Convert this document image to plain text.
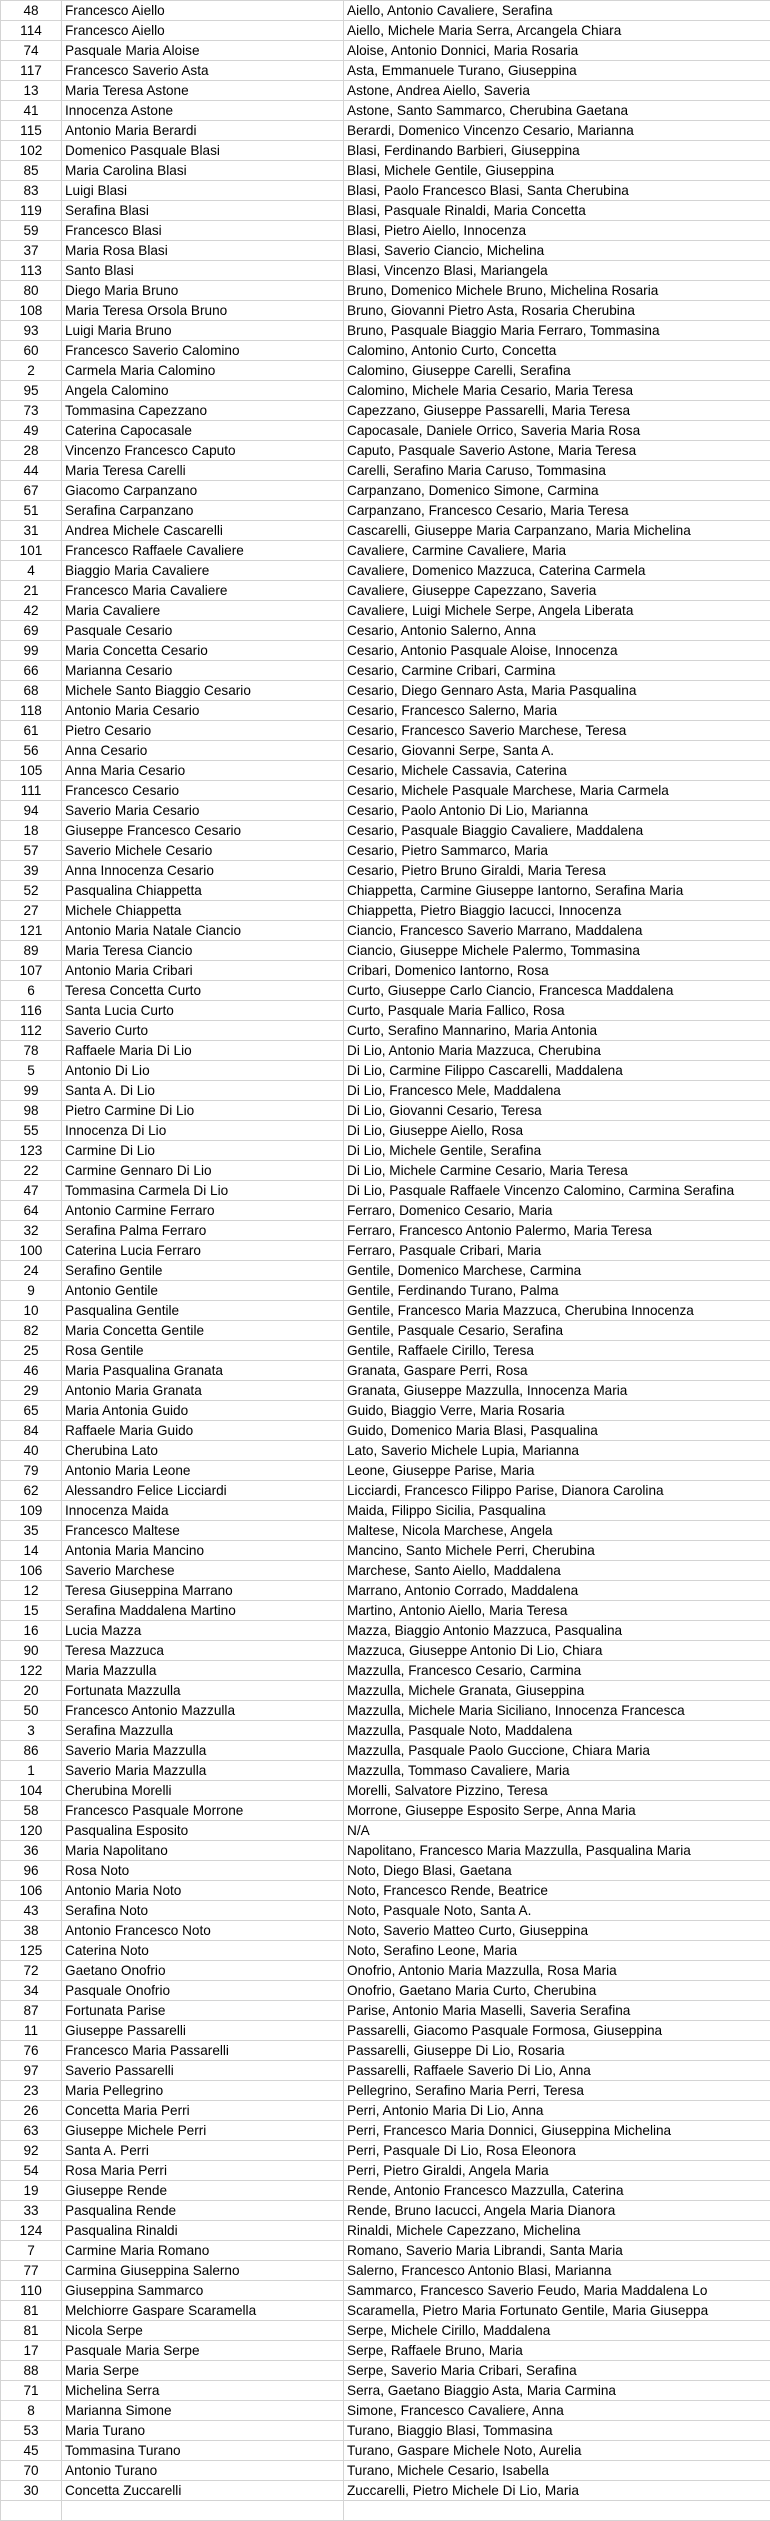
48	Francesco Aiello	Aiello, Antonio Cavaliere, Serafina
114	Francesco Aiello	Aiello, Michele Maria Serra, Arcangela Chiara
74	Pasquale Maria Aloise	Aloise, Antonio Donnici, Maria Rosaria
117	Francesco Saverio Asta	Asta, Emmanuele Turano, Giuseppina
13	Maria Teresa Astone	Astone, Andrea Aiello, Saveria
41	Innocenza Astone	Astone, Santo Sammarco, Cherubina Gaetana
115	Antonio Maria Berardi	Berardi, Domenico Vincenzo Cesario, Marianna
102	Domenico Pasquale Blasi	Blasi, Ferdinando Barbieri, Giuseppina
85	Maria Carolina Blasi	Blasi, Michele Gentile, Giuseppina
83	Luigi Blasi	Blasi, Paolo Francesco Blasi, Santa Cherubina
119	Serafina Blasi	Blasi, Pasquale Rinaldi, Maria Concetta
59	Francesco Blasi	Blasi, Pietro Aiello, Innocenza
37	Maria Rosa Blasi	Blasi, Saverio Ciancio, Michelina
113	Santo Blasi	Blasi, Vincenzo Blasi, Mariangela
80	Diego Maria Bruno	Bruno, Domenico Michele Bruno, Michelina Rosaria
108	Maria Teresa Orsola Bruno	Bruno, Giovanni Pietro Asta, Rosaria Cherubina
93	Luigi Maria Bruno	Bruno, Pasquale Biaggio Maria Ferraro, Tommasina
60	Francesco Saverio Calomino	Calomino, Antonio Curto, Concetta
2	Carmela Maria Calomino	Calomino, Giuseppe Carelli, Serafina
95	Angela Calomino	Calomino, Michele Maria Cesario, Maria Teresa
73	Tommasina Capezzano	Capezzano, Giuseppe Passarelli, Maria Teresa
49	Caterina Capocasale	Capocasale, Daniele Orrico, Saveria Maria Rosa
28	Vincenzo Francesco Caputo	Caputo, Pasquale Saverio Astone, Maria Teresa
44	Maria Teresa Carelli	Carelli, Serafino Maria Caruso, Tommasina
67	Giacomo Carpanzano	Carpanzano, Domenico Simone, Carmina
51	Serafina Carpanzano	Carpanzano, Francesco Cesario, Maria Teresa
31	Andrea Michele Cascarelli	Cascarelli, Giuseppe Maria Carpanzano, Maria Michelina
101	Francesco Raffaele Cavaliere	Cavaliere, Carmine Cavaliere, Maria
4	Biaggio Maria Cavaliere	Cavaliere, Domenico Mazzuca, Caterina Carmela
21	Francesco Maria Cavaliere	Cavaliere, Giuseppe Capezzano, Saveria
42	Maria Cavaliere	Cavaliere, Luigi Michele Serpe, Angela Liberata
69	Pasquale Cesario	Cesario, Antonio Salerno, Anna
99	Maria Concetta Cesario	Cesario, Antonio Pasquale Aloise, Innocenza
66	Marianna Cesario	Cesario, Carmine Cribari, Carmina
68	Michele Santo Biaggio Cesario	Cesario, Diego Gennaro Asta, Maria Pasqualina
118	Antonio Maria Cesario	Cesario, Francesco Salerno, Maria
61	Pietro Cesario	Cesario, Francesco Saverio Marchese, Teresa
56	Anna Cesario	Cesario, Giovanni Serpe, Santa A.
105	Anna Maria Cesario	Cesario, Michele Cassavia, Caterina
111	Francesco Cesario	Cesario, Michele Pasquale Marchese, Maria Carmela
94	Saverio Maria Cesario	Cesario, Paolo Antonio Di Lio, Marianna
18	Giuseppe Francesco Cesario	Cesario, Pasquale Biaggio Cavaliere, Maddalena
57	Saverio Michele Cesario	Cesario, Pietro Sammarco, Maria
39	Anna Innocenza Cesario	Cesario, Pietro Bruno Giraldi, Maria Teresa
52	Pasqualina Chiappetta	Chiappetta, Carmine Giuseppe Iantorno, Serafina Maria
27	Michele Chiappetta	Chiappetta, Pietro Biaggio Iacucci, Innocenza
121	Antonio Maria Natale Ciancio	Ciancio, Francesco Saverio Marrano, Maddalena
89	Maria Teresa Ciancio	Ciancio, Giuseppe Michele Palermo, Tommasina
107	Antonio Maria Cribari	Cribari, Domenico Iantorno, Rosa
6	Teresa Concetta Curto	Curto, Giuseppe Carlo Ciancio, Francesca Maddalena
116	Santa Lucia Curto	Curto, Pasquale Maria Fallico, Rosa
112	Saverio Curto	Curto, Serafino Mannarino, Maria Antonia
78	Raffaele Maria Di Lio	Di Lio, Antonio Maria Mazzuca, Cherubina
5	Antonio Di Lio	Di Lio, Carmine Filippo Cascarelli, Maddalena
99	Santa A. Di Lio	Di Lio, Francesco Mele, Maddalena
98	Pietro Carmine Di Lio	Di Lio, Giovanni Cesario, Teresa
55	Innocenza Di Lio	Di Lio, Giuseppe Aiello, Rosa
123	Carmine Di Lio	Di Lio, Michele Gentile, Serafina
22	Carmine Gennaro Di Lio	Di Lio, Michele Carmine Cesario, Maria Teresa
47	Tommasina Carmela Di Lio	Di Lio, Pasquale Raffaele Vincenzo Calomino, Carmina Serafina
64	Antonio Carmine Ferraro	Ferraro, Domenico Cesario, Maria
32	Serafina Palma Ferraro	Ferraro, Francesco Antonio Palermo, Maria Teresa
100	Caterina Lucia Ferraro	Ferraro, Pasquale Cribari, Maria
24	Serafino Gentile	Gentile, Domenico Marchese, Carmina
9	Antonio Gentile	Gentile, Ferdinando Turano, Palma
10	Pasqualina Gentile	Gentile, Francesco Maria Mazzuca, Cherubina Innocenza
82	Maria Concetta Gentile	Gentile, Pasquale Cesario, Serafina
25	Rosa Gentile	Gentile, Raffaele Cirillo, Teresa
46	Maria Pasqualina Granata	Granata, Gaspare Perri, Rosa
29	Antonio Maria Granata	Granata, Giuseppe Mazzulla, Innocenza Maria
65	Maria Antonia Guido	Guido, Biaggio Verre, Maria Rosaria
84	Raffaele Maria Guido	Guido, Domenico Maria Blasi, Pasqualina
40	Cherubina Lato	Lato, Saverio Michele Lupia, Marianna
79	Antonio Maria Leone	Leone, Giuseppe Parise, Maria
62	Alessandro Felice Licciardi	Licciardi, Francesco Filippo Parise, Dianora Carolina
109	Innocenza Maida	Maida, Filippo Sicilia, Pasqualina
35	Francesco Maltese	Maltese, Nicola Marchese, Angela
14	Antonia Maria Mancino	Mancino, Santo Michele Perri, Cherubina
106	Saverio Marchese	Marchese, Santo Aiello, Maddalena
12	Teresa Giuseppina Marrano	Marrano, Antonio Corrado, Maddalena
15	Serafina Maddalena Martino	Martino, Antonio Aiello, Maria Teresa
16	Lucia Mazza	Mazza, Biaggio Antonio Mazzuca, Pasqualina
90	Teresa Mazzuca	Mazzuca, Giuseppe Antonio Di Lio, Chiara
122	Maria Mazzulla	Mazzulla, Francesco Cesario, Carmina
20	Fortunata Mazzulla	Mazzulla, Michele Granata, Giuseppina
50	Francesco Antonio Mazzulla	Mazzulla, Michele Maria Siciliano, Innocenza Francesca
3	Serafina Mazzulla	Mazzulla, Pasquale Noto, Maddalena
86	Saverio Maria Mazzulla	Mazzulla, Pasquale Paolo Guccione, Chiara Maria
1	Saverio Maria Mazzulla	Mazzulla, Tommaso Cavaliere, Maria
104	Cherubina Morelli	Morelli, Salvatore Pizzino, Teresa
58	Francesco Pasquale Morrone	Morrone, Giuseppe Esposito Serpe, Anna Maria
120	Pasqualina Esposito	N/A
36	Maria Napolitano	Napolitano, Francesco Maria Mazzulla, Pasqualina Maria
96	Rosa Noto	Noto, Diego Blasi, Gaetana
106	Antonio Maria Noto	Noto, Francesco Rende, Beatrice
43	Serafina Noto	Noto, Pasquale Noto, Santa A.
38	Antonio Francesco Noto	Noto, Saverio Matteo Curto, Giuseppina
125	Caterina Noto	Noto, Serafino Leone, Maria
72	Gaetano Onofrio	Onofrio, Antonio Maria Mazzulla, Rosa Maria
34	Pasquale Onofrio	Onofrio, Gaetano Maria Curto, Cherubina
87	Fortunata Parise	Parise, Antonio Maria Maselli, Saveria Serafina
11	Giuseppe Passarelli	Passarelli, Giacomo Pasquale Formosa, Giuseppina
76	Francesco Maria Passarelli	Passarelli, Giuseppe Di Lio, Rosaria
97	Saverio Passarelli	Passarelli, Raffaele Saverio Di Lio, Anna
23	Maria Pellegrino	Pellegrino, Serafino Maria Perri, Teresa
26	Concetta Maria Perri	Perri, Antonio Maria Di Lio, Anna
63	Giuseppe Michele Perri	Perri, Francesco Maria Donnici, Giuseppina Michelina
92	Santa A. Perri	Perri, Pasquale Di Lio, Rosa Eleonora
54	Rosa Maria Perri	Perri, Pietro Giraldi, Angela Maria
19	Giuseppe Rende	Rende, Antonio Francesco Mazzulla, Caterina
33	Pasqualina Rende	Rende, Bruno Iacucci, Angela Maria Dianora
124	Pasqualina Rinaldi	Rinaldi, Michele Capezzano, Michelina
7	Carmine Maria Romano	Romano, Saverio Maria Librandi, Santa Maria
77	Carmina Giuseppina Salerno	Salerno, Francesco Antonio Blasi, Marianna
110	Giuseppina Sammarco	Sammarco, Francesco Saverio Feudo, Maria Maddalena Lo
81	Melchiorre Gaspare Scaramella	Scaramella, Pietro Maria Fortunato Gentile, Maria Giuseppa
81	Nicola Serpe	Serpe, Michele Cirillo, Maddalena
17	Pasquale Maria Serpe	Serpe, Raffaele Bruno, Maria
88	Maria Serpe	Serpe, Saverio Maria Cribari, Serafina
71	Michelina Serra	Serra, Gaetano Biaggio Asta, Maria Carmina
8	Marianna Simone	Simone, Francesco Cavaliere, Anna
53	Maria Turano	Turano, Biaggio Blasi, Tommasina
45	Tommasina Turano	Turano, Gaspare Michele Noto, Aurelia
70	Antonio Turano	Turano, Michele Cesario, Isabella
30	Concetta Zuccarelli	Zuccarelli, Pietro Michele Di Lio, Maria
